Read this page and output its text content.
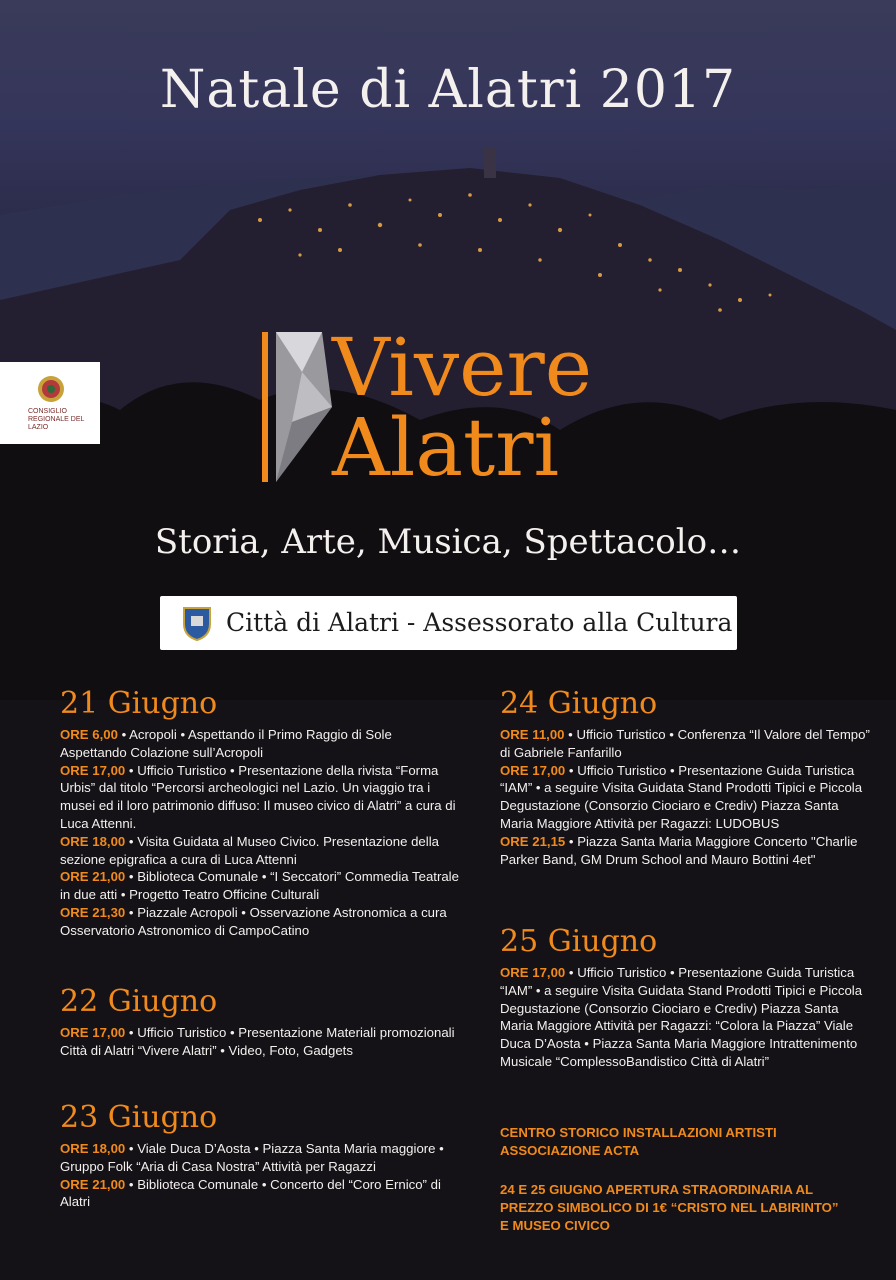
Natale di Alatri 2017
CONSIGLIO REGIONALE DEL LAZIO
Vivere
Alatri
Storia, Arte, Musica, Spettacolo…
Città di Alatri - Assessorato alla Cultura
21 Giugno

ORE 6,00 • Acropoli • Aspettando il Primo Raggio di Sole Aspettando Colazione sull’Acropoli

ORE 17,00 • Ufficio Turistico • Presentazione della rivista “Forma Urbis” dal titolo “Percorsi archeologici nel Lazio. Un viaggio tra i musei ed il loro patrimonio diffuso: Il museo civico di Alatri” a cura di Luca Attenni.

ORE 18,00 • Visita Guidata al Museo Civico. Presentazione della sezione epigrafica a cura di Luca Attenni

ORE 21,00 • Biblioteca Comunale • “I Seccatori” Commedia Teatrale in due atti • Progetto Teatro Officine Culturali

ORE 21,30 • Piazzale Acropoli • Osservazione Astronomica a cura Osservatorio Astronomico di CampoCatino

22 Giugno

ORE 17,00 • Ufficio Turistico • Presentazione Materiali promozionali Città di Alatri “Vivere Alatri” • Video, Foto, Gadgets

23 Giugno

ORE 18,00 • Viale Duca D’Aosta • Piazza Santa Maria maggiore • Gruppo Folk “Aria di Casa Nostra” Attività per Ragazzi

ORE 21,00 • Biblioteca Comunale • Concerto del “Coro Ernico” di Alatri

24 Giugno

ORE 11,00 • Ufficio Turistico • Conferenza “Il Valore del Tempo” di Gabriele Fanfarillo

ORE 17,00 • Ufficio Turistico • Presentazione Guida Turistica “IAM” • a seguire Visita Guidata Stand Prodotti Tipici e Piccola Degustazione (Consorzio Ciociaro e Crediv) Piazza Santa Maria Maggiore Attività per Ragazzi: LUDOBUS

ORE 21,15 • Piazza Santa Maria Maggiore Concerto "Charlie Parker Band, GM Drum School and Mauro Bottini 4et"

25 Giugno

ORE 17,00 • Ufficio Turistico • Presentazione Guida Turistica “IAM” • a seguire Visita Guidata Stand Prodotti Tipici e Piccola Degustazione (Consorzio Ciociaro e Crediv) Piazza Santa Maria Maggiore Attività per Ragazzi: “Colora la Piazza” Viale Duca D’Aosta • Piazza Santa Maria Maggiore Intrattenimento Musicale “ComplessoBandistico Città di Alatri”

CENTRO STORICO INSTALLAZIONI ARTISTI ASSOCIAZIONE ACTA
24 E 25 GIUGNO APERTURA STRAORDINARIA AL PREZZO SIMBOLICO DI 1€ “CRISTO NEL LABIRINTO” E MUSEO CIVICO
